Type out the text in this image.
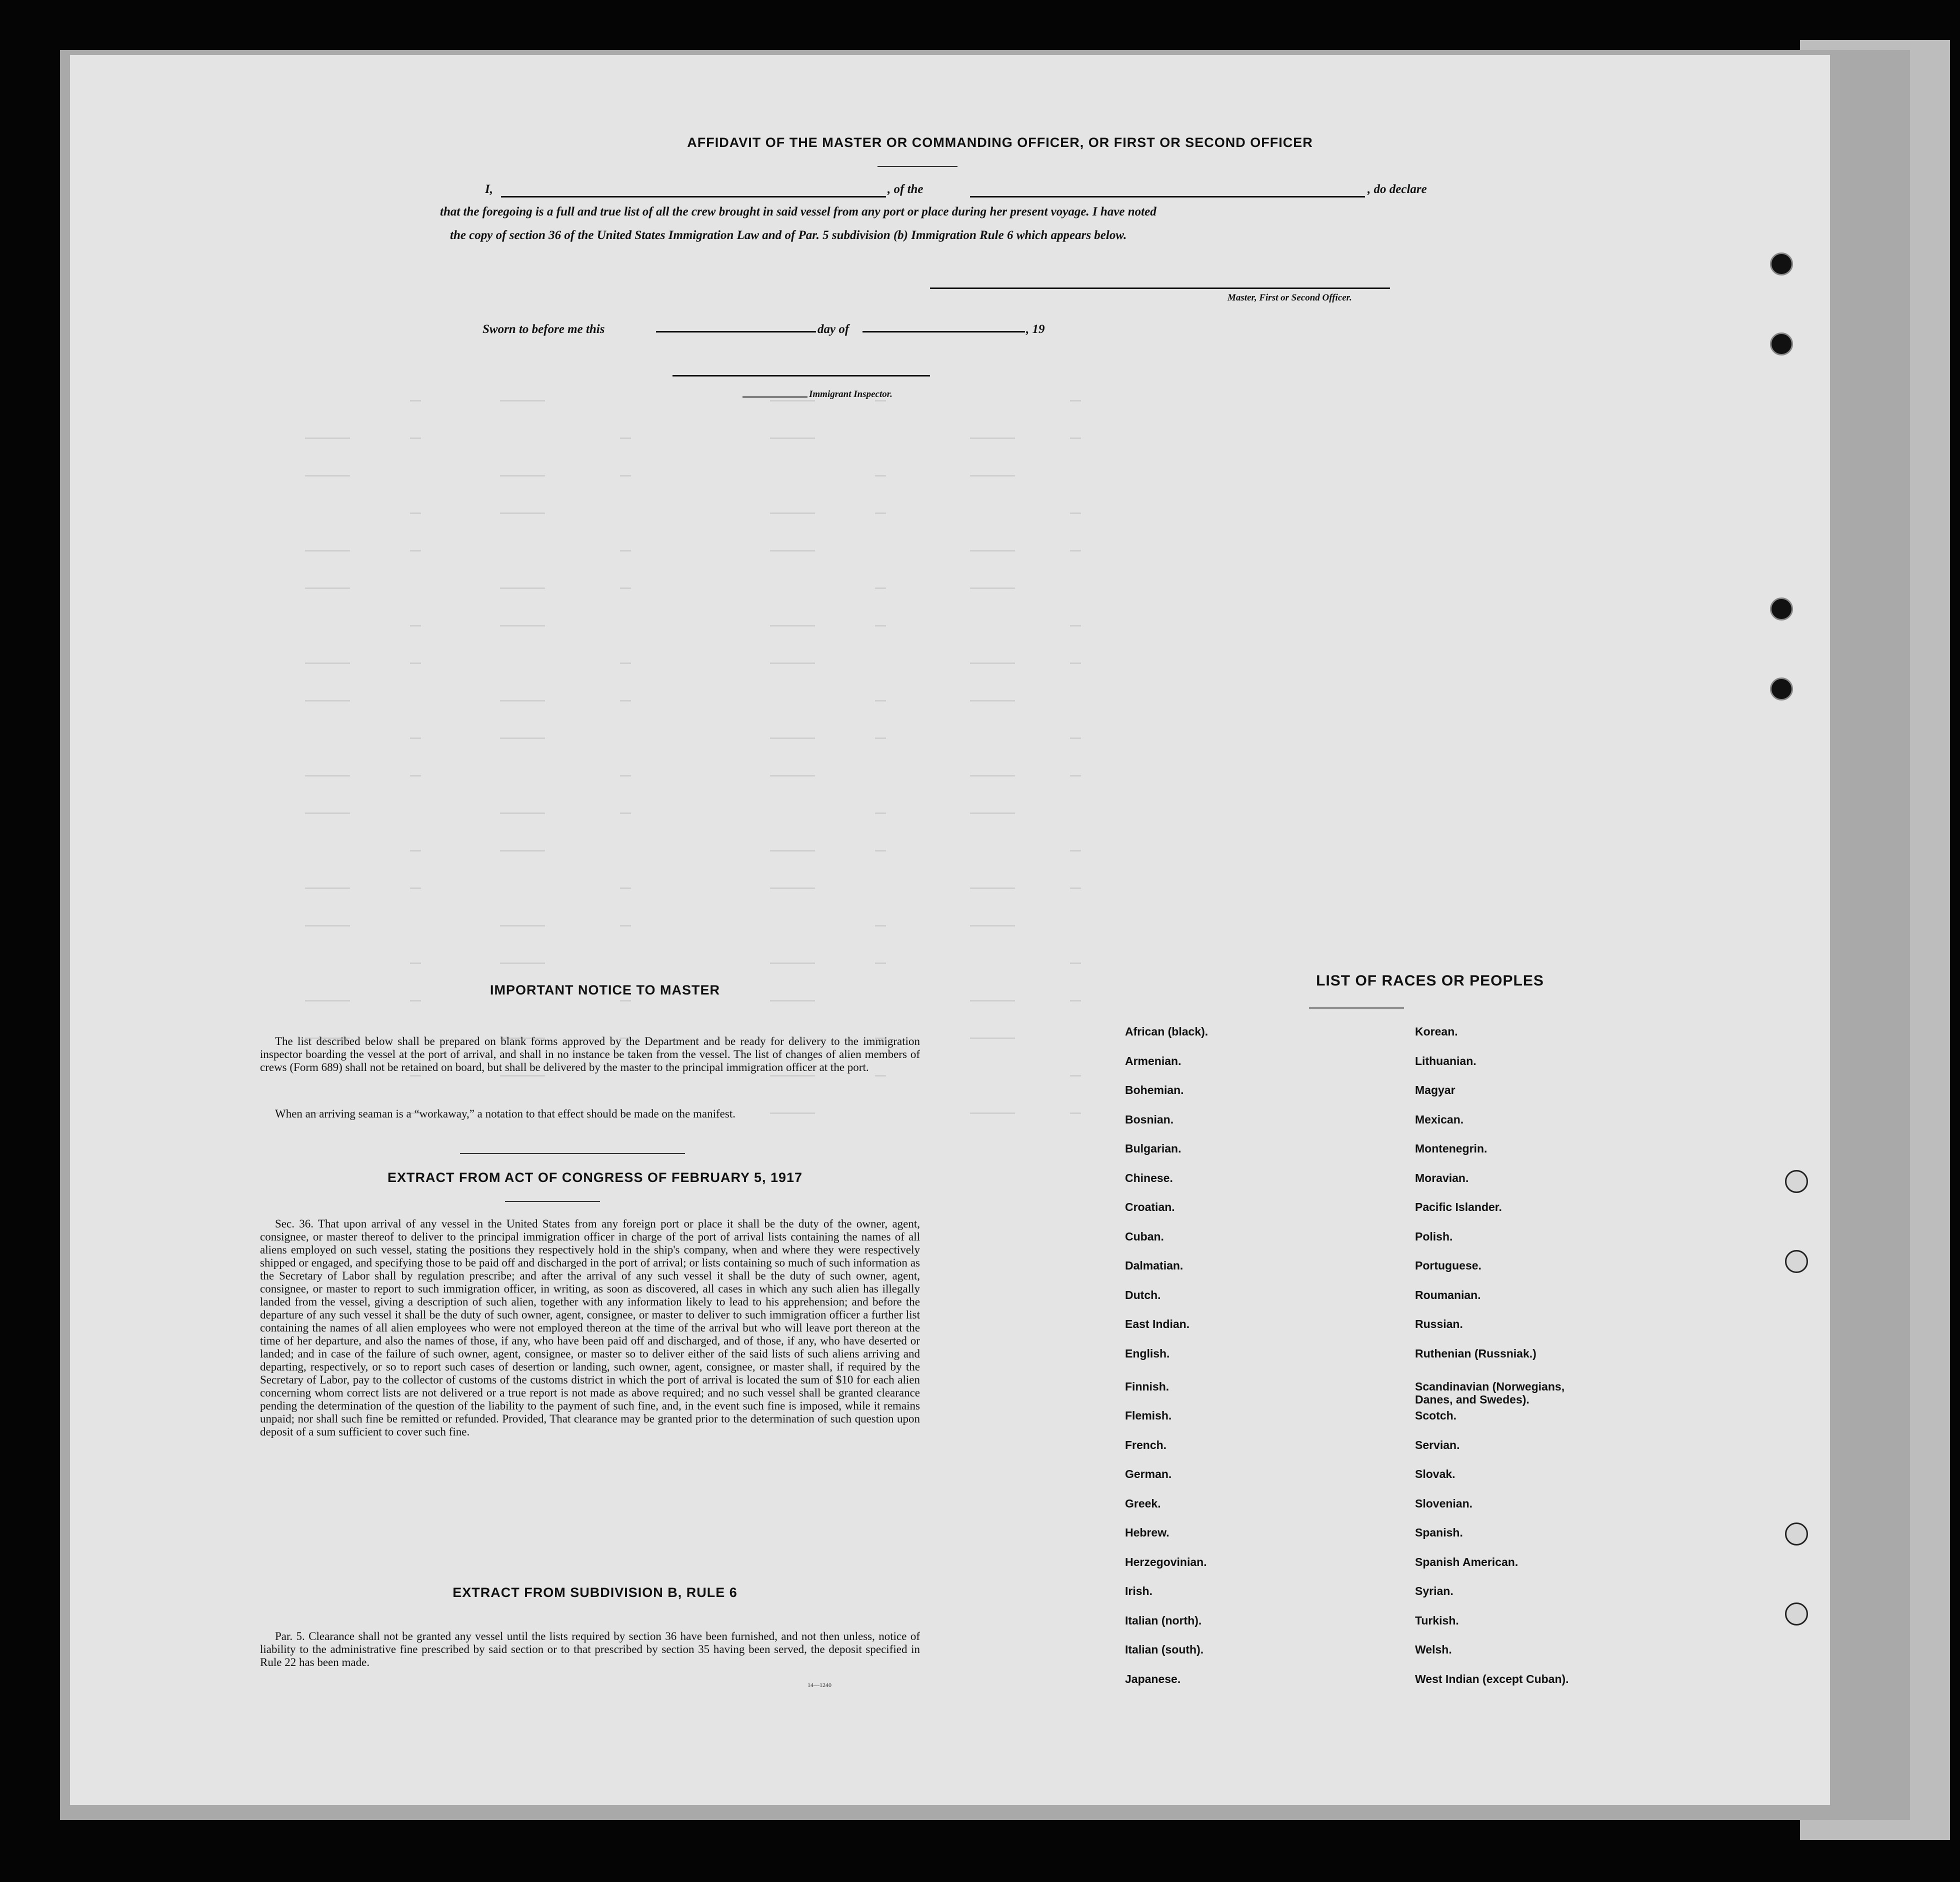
AFFIDAVIT OF THE MASTER OR COMMANDING OFFICER, OR FIRST OR SECOND OFFICER
I,	, of the	, do declare
that the foregoing is a full and true list of all the crew brought in said vessel from any port or place during her present voyage. I have noted
the copy of section 36 of the United States Immigration Law and of Par. 5 subdivision (b) Immigration Rule 6 which appears below.
Master, First or Second Officer.
Sworn to before me this	day of	, 19
Immigrant Inspector.
IMPORTANT NOTICE TO MASTER
The list described below shall be prepared on blank forms approved by the Department and be ready for delivery to the immigration inspector boarding the vessel at the port of arrival, and shall in no instance be taken from the vessel. The list of changes of alien members of crews (Form 689) shall not be retained on board, but shall be delivered by the master to the principal immigration officer at the port.
When an arriving seaman is a “workaway,” a notation to that effect should be made on the manifest.
EXTRACT FROM ACT OF CONGRESS OF FEBRUARY 5, 1917
Sec. 36. That upon arrival of any vessel in the United States from any foreign port or place it shall be the duty of the owner, agent, consignee, or master thereof to deliver to the principal immigration officer in charge of the port of arrival lists containing the names of all aliens employed on such vessel, stating the positions they respectively hold in the ship's company, when and where they were respectively shipped or engaged, and specifying those to be paid off and discharged in the port of arrival; or lists containing so much of such information as the Secretary of Labor shall by regulation prescribe; and after the arrival of any such vessel it shall be the duty of such owner, agent, consignee, or master to report to such immigration officer, in writing, as soon as discovered, all cases in which any such alien has illegally landed from the vessel, giving a description of such alien, together with any information likely to lead to his apprehension; and before the departure of any such vessel it shall be the duty of such owner, agent, consignee, or master to deliver to such immigration officer a further list containing the names of all alien employees who were not employed thereon at the time of the arrival but who will leave port thereon at the time of her departure, and also the names of those, if any, who have been paid off and discharged, and of those, if any, who have deserted or landed; and in case of the failure of such owner, agent, consignee, or master so to deliver either of the said lists of such aliens arriving and departing, respectively, or so to report such cases of desertion or landing, such owner, agent, consignee, or master shall, if required by the Secretary of Labor, pay to the collector of customs of the customs district in which the port of arrival is located the sum of $10 for each alien concerning whom correct lists are not delivered or a true report is not made as above required; and no such vessel shall be granted clearance pending the determination of the question of the liability to the payment of such fine, and, in the event such fine is imposed, while it remains unpaid; nor shall such fine be remitted or refunded. Provided, That clearance may be granted prior to the determination of such question upon deposit of a sum sufficient to cover such fine.
EXTRACT FROM SUBDIVISION B, RULE 6
Par. 5. Clearance shall not be granted any vessel until the lists required by section 36 have been furnished, and not then unless, notice of liability to the administrative fine prescribed by said section or to that prescribed by section 35 having been served, the deposit specified in Rule 22 has been made.
14—1240
LIST OF RACES OR PEOPLES
African (black).
Armenian.
Bohemian.
Bosnian.
Bulgarian.
Chinese.
Croatian.
Cuban.
Dalmatian.
Dutch.
East Indian.
English.
Finnish.
Flemish.
French.
German.
Greek.
Hebrew.
Herzegovinian.
Irish.
Italian (north).
Italian (south).
Japanese.
Korean.
Lithuanian.
Magyar
Mexican.
Montenegrin.
Moravian.
Pacific Islander.
Polish.
Portuguese.
Roumanian.
Russian.
Ruthenian (Russniak.)
Scandinavian (Norwegians, Danes, and Swedes).
Scotch.
Servian.
Slovak.
Slovenian.
Spanish.
Spanish American.
Syrian.
Turkish.
Welsh.
West Indian (except Cuban).
